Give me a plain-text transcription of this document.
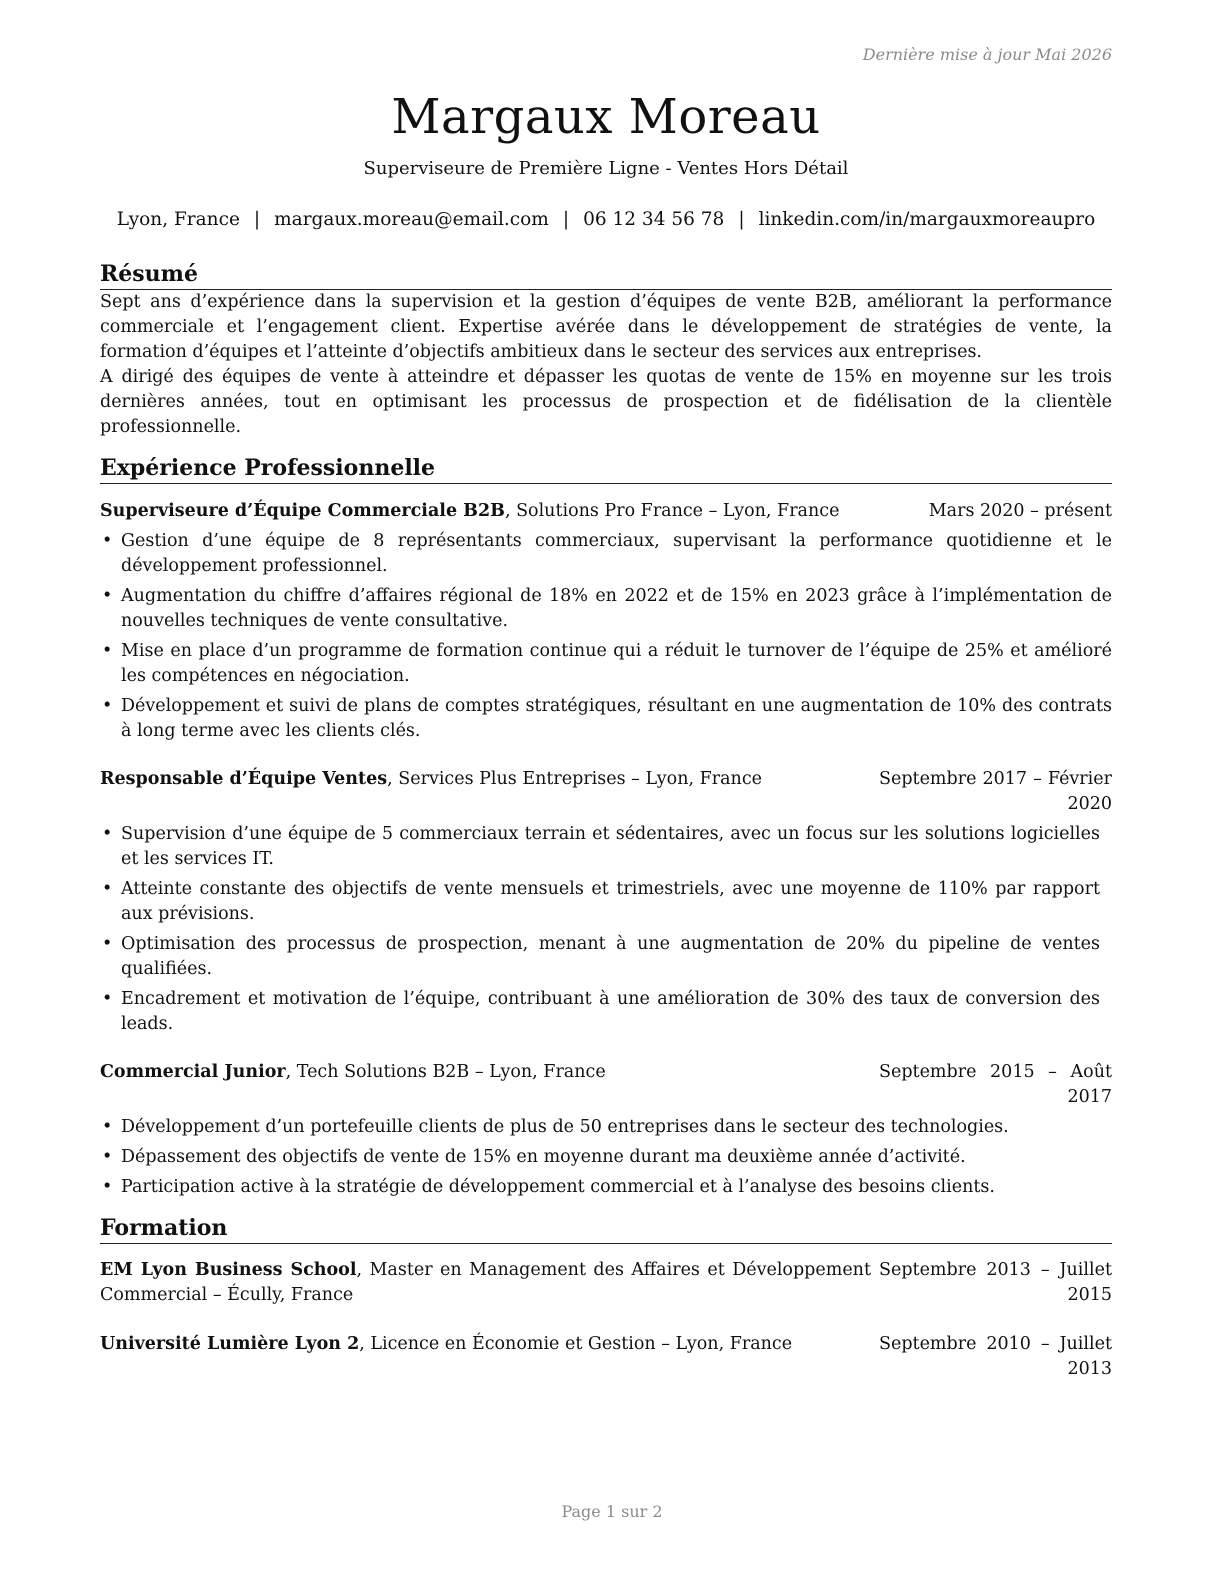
Dernière mise à jour Mai 2026
Margaux Moreau
Superviseure de Première Ligne - Ventes Hors Détail
Lyon, France | margaux.moreau@email.com | 06 12 34 56 78 | linkedin.com/in/margauxmoreaupro
Résumé

Sept ans d’expérience dans la supervision et la gestion d’équipes de vente B2B, améliorant la performance commerciale et l’engagement client. Expertise avérée dans le développement de stratégies de vente, la formation d’équipes et l’atteinte d’objectifs ambitieux dans le secteur des services aux entreprises.

A dirigé des équipes de vente à atteindre et dépasser les quotas de vente de 15% en moyenne sur les trois dernières années, tout en optimisant les processus de prospection et de fidélisation de la clientèle professionnelle.

Expérience Professionnelle
Superviseure d’Équipe Commerciale B2B, Solutions Pro France – Lyon, France	Mars 2020 – présent
• Gestion d’une équipe de 8 représentants commerciaux, supervisant la performance quotidienne et le développement professionnel.
• Augmentation du chiffre d’affaires régional de 18% en 2022 et de 15% en 2023 grâce à l’implémentation de nouvelles techniques de vente consultative.
• Mise en place d’un programme de formation continue qui a réduit le turnover de l’équipe de 25% et amélioré les compétences en négociation.
• Développement et suivi de plans de comptes stratégiques, résultant en une augmentation de 10% des contrats à long terme avec les clients clés.
Responsable d’Équipe Ventes, Services Plus Entreprises – Lyon, France	Septembre 2017 – Février 2020
• Supervision d’une équipe de 5 commerciaux terrain et sédentaires, avec un focus sur les solutions logicielles et les services IT.
• Atteinte constante des objectifs de vente mensuels et trimestriels, avec une moyenne de 110% par rapport aux prévisions.
• Optimisation des processus de prospection, menant à une augmentation de 20% du pipeline de ventes qualifiées.
• Encadrement et motivation de l’équipe, contribuant à une amélioration de 30% des taux de conversion des leads.
Commercial Junior, Tech Solutions B2B – Lyon, France	Septembre 2015 – Août 2017
• Développement d’un portefeuille clients de plus de 50 entreprises dans le secteur des technologies.
• Dépassement des objectifs de vente de 15% en moyenne durant ma deuxième année d’activité.
• Participation active à la stratégie de développement commercial et à l’analyse des besoins clients.
Formation
EM Lyon Business School, Master en Management des Affaires et Développement Commercial – Écully, France
Septembre 2013 – Juillet 2015
Université Lumière Lyon 2, Licence en Économie et Gestion – Lyon, France	Septembre 2010 – Juillet 2013
Page 1 sur 2
